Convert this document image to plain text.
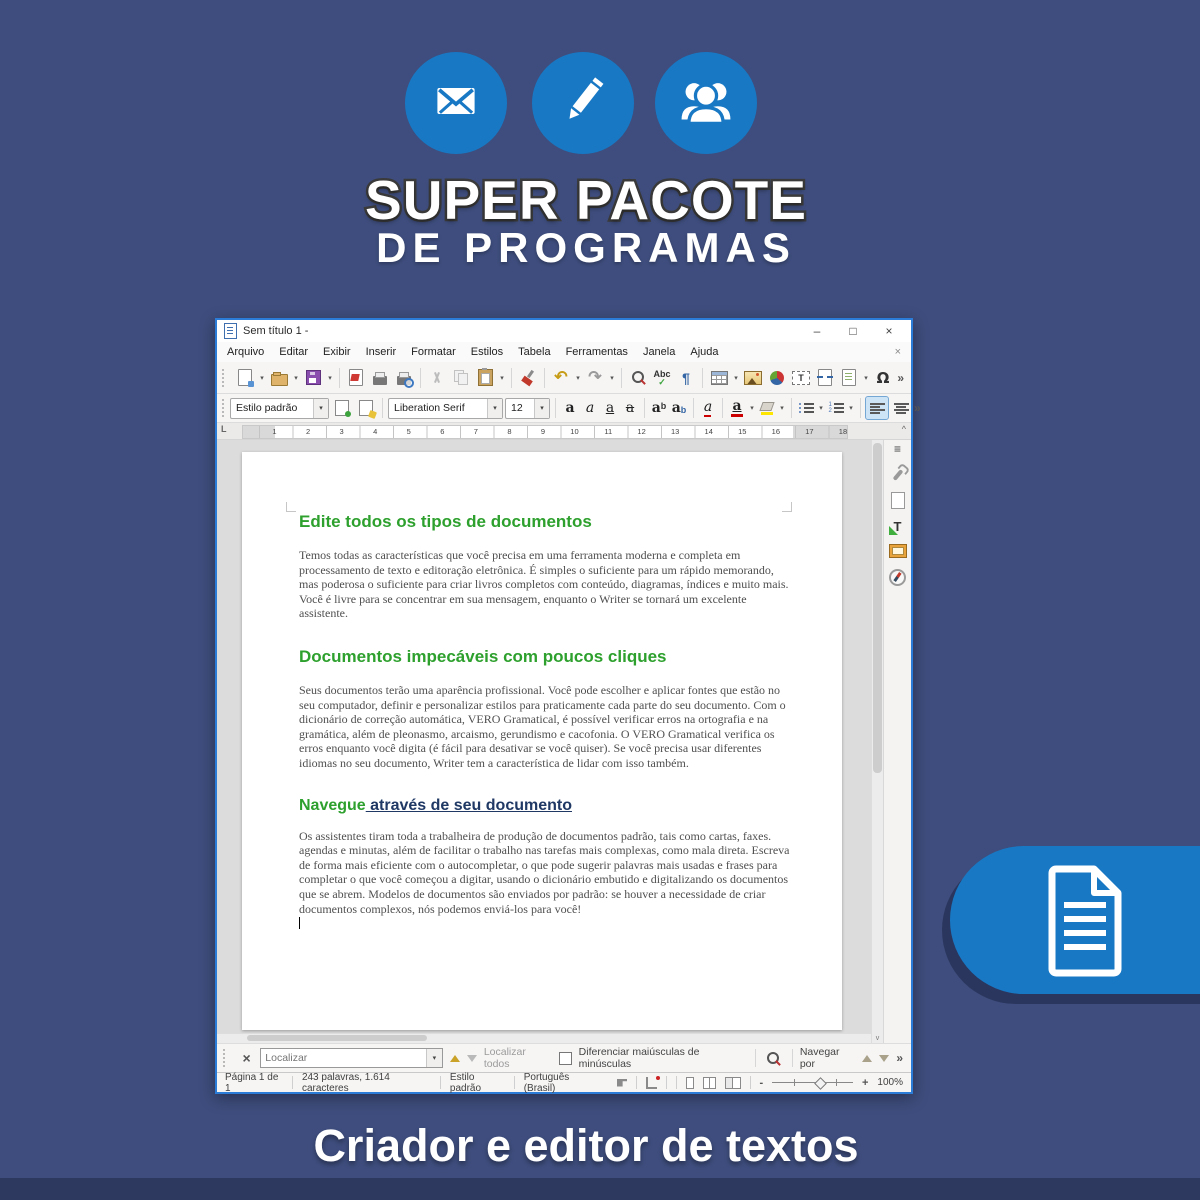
SUPER PACOTE
DE PROGRAMAS
Sem título 1 -	–	□	×
Arquivo Editar Exibir Inserir Formatar Estilos Tabela Ferramentas Janela Ajuda	×
▾	▾	▾	▾	↶	▾ ↷	▾	Abc
✓ ¶	▾	T	▾ Ω »
Estilo padrão	▾	Liberation Serif	▾	12	▾	a a a a a b a b a a	▾	▾	▾ 1 2	▾	»
L	1	2	3	4	5	6	7	8	9	10	11	12	13	14	15	16	17	18	^
Edite todos os tipos de documentos

Temos todas as características que você precisa em uma ferramenta moderna e completa em processamento de texto e editoração eletrônica. É simples o suficiente para um rápido memorando, mas poderosa o suficiente para criar livros completos com conteúdo, diagramas, índices e muito mais. Você é livre para se concentrar em sua mensagem, enquanto o Writer se tornará um excelente assistente.

Documentos impecáveis com poucos cliques

Seus documentos terão uma aparência profissional. Você pode escolher e aplicar fontes que estão no seu computador, definir e personalizar estilos para praticamente cada parte do seu documento. Com o dicionário de correção automática, VERO Gramatical, é possível verificar erros na ortografia e na gramática, além de pleonasmo, arcaismo, gerundismo e cacofonia. O VERO Gramatical verifica os erros enquanto você digita (é fácil para desativar se você quiser). Se você precisa usar diferentes idiomas no seu documento, Writer tem a característica de lidar com isso também.

Navegue através de seu documento

Os assistentes tiram toda a trabalheira de produção de documentos padrão, tais como cartas, faxes. agendas e minutas, além de facilitar o trabalho nas tarefas mais complexas, como mala direta. Escreva de forma mais eficiente com o autocompletar, o que pode sugerir palavras mais usadas e frases para completar o que você começou a digitar, usando o dicionário embutido e digitalizando os documentos que se abrem. Modelos de documentos são enviados por padrão: se houver a necessidade de criar documentos complexos, nós podemos enviá-los para você!

v
≡
T
×
Localizar	▾
Localizar todos
Diferenciar maiúsculas de minúsculas
Navegar por	»
Página 1 de 1
243 palavras, 1.614 caracteres
Estilo padrão
Português (Brasil)	-	+ 100%
Criador e editor de textos
